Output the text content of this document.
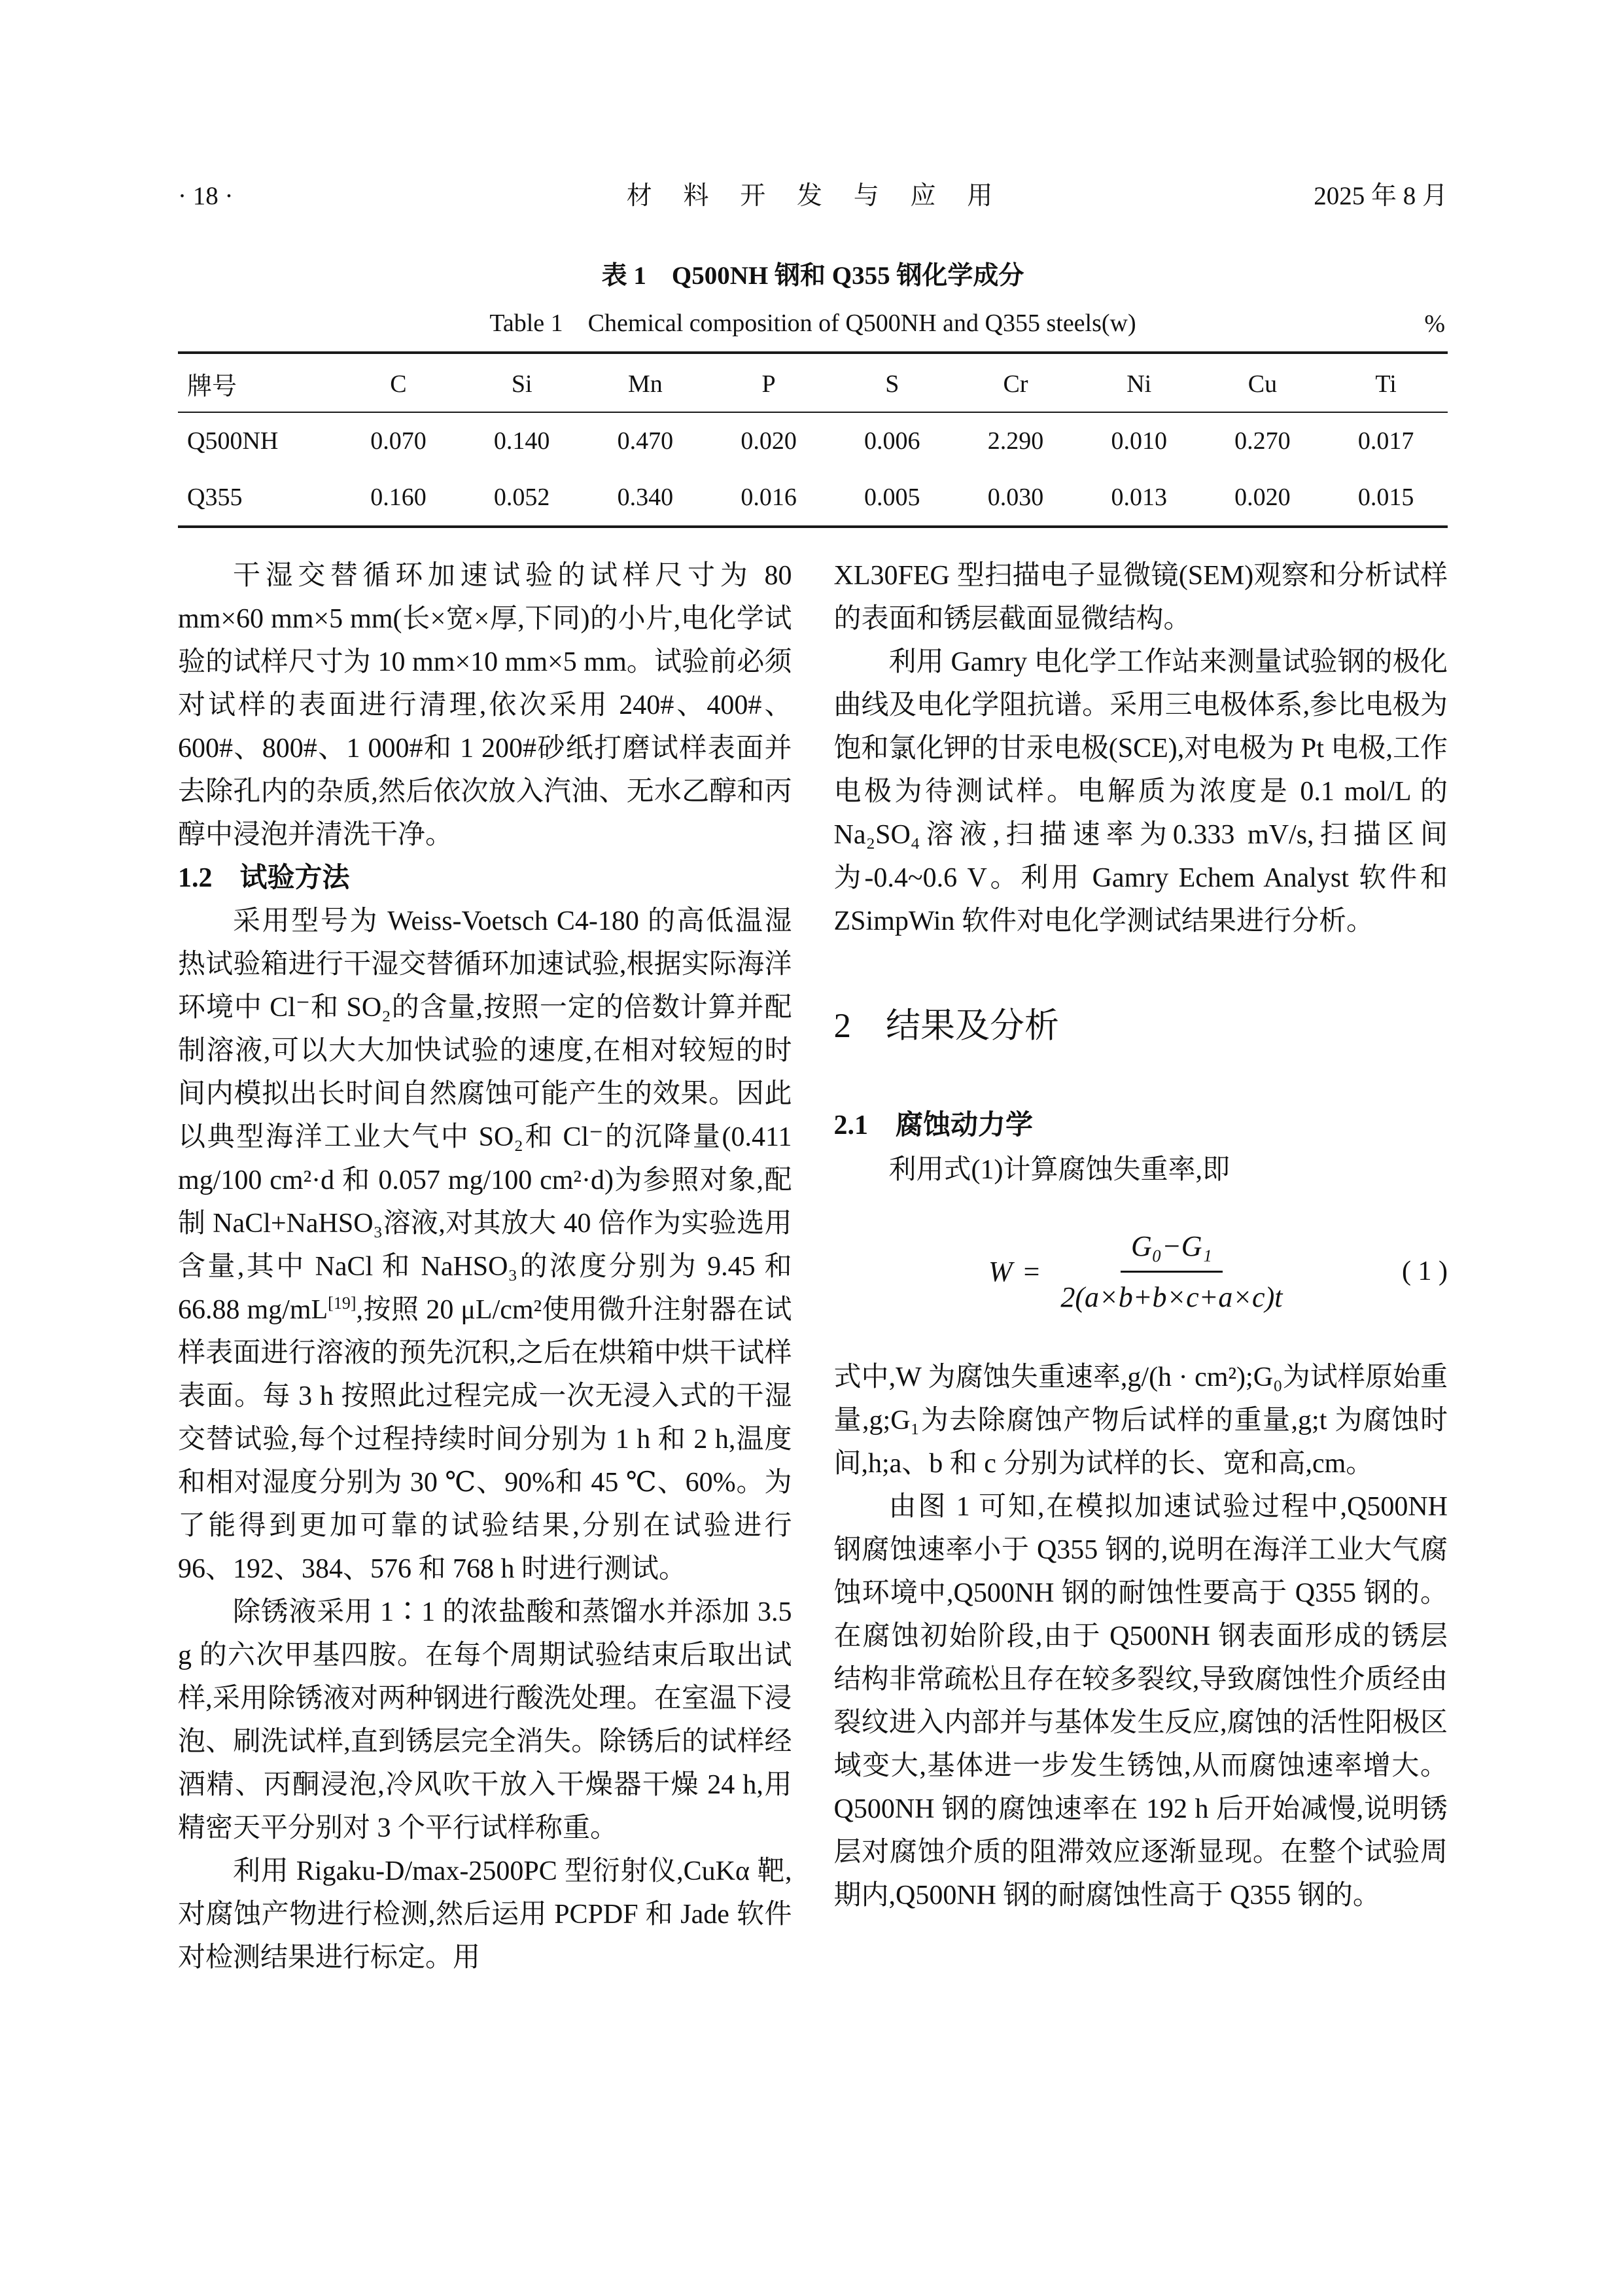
· 18 ·	材 料 开 发 与 应 用	2025 年 8 月
表 1　Q500NH 钢和 Q355 钢化学成分
Table 1　Chemical composition of Q500NH and Q355 steels(w)	%
牌号	C	Si	Mn	P	S	Cr	Ni	Cu	Ti
Q500NH	0.070	0.140	0.470	0.020	0.006	2.290	0.010	0.270	0.017
Q355	0.160	0.052	0.340	0.016	0.005	0.030	0.013	0.020	0.015

干湿交替循环加速试验的试样尺寸为 80 mm×60 mm×5 mm(长×宽×厚,下同)的小片,电化学试验的试样尺寸为 10 mm×10 mm×5 mm。试验前必须对试样的表面进行清理,依次采用 240#、400#、600#、800#、1 000#和 1 200#砂纸打磨试样表面并去除孔内的杂质,然后依次放入汽油、无水乙醇和丙醇中浸泡并清洗干净。

1.2　试验方法

采用型号为 Weiss-Voetsch C4-180 的高低温湿热试验箱进行干湿交替循环加速试验,根据实际海洋环境中 Cl⁻和 SO₂的含量,按照一定的倍数计算并配制溶液,可以大大加快试验的速度,在相对较短的时间内模拟出长时间自然腐蚀可能产生的效果。因此以典型海洋工业大气中 SO₂和 Cl⁻的沉降量(0.411 mg/100 cm²·d 和 0.057 mg/100 cm²·d)为参照对象,配制 NaCl+NaHSO₃溶液,对其放大 40 倍作为实验选用含量,其中 NaCl 和 NaHSO₃的浓度分别为 9.45 和 66.88 mg/mL[19],按照 20 μL/cm²使用微升注射器在试样表面进行溶液的预先沉积,之后在烘箱中烘干试样表面。每 3 h 按照此过程完成一次无浸入式的干湿交替试验,每个过程持续时间分别为 1 h 和 2 h,温度和相对湿度分别为 30 ℃、90%和 45 ℃、60%。为了能得到更加可靠的试验结果,分别在试验进行 96、192、384、576 和 768 h 时进行测试。

除锈液采用 1∶1 的浓盐酸和蒸馏水并添加 3.5 g 的六次甲基四胺。在每个周期试验结束后取出试样,采用除锈液对两种钢进行酸洗处理。在室温下浸泡、刷洗试样,直到锈层完全消失。除锈后的试样经酒精、丙酮浸泡,冷风吹干放入干燥器干燥 24 h,用精密天平分别对 3 个平行试样称重。

利用 Rigaku-D/max-2500PC 型衍射仪,CuKα 靶,对腐蚀产物进行检测,然后运用 PCPDF 和 Jade 软件对检测结果进行标定。用

XL30FEG 型扫描电子显微镜(SEM)观察和分析试样的表面和锈层截面显微结构。

利用 Gamry 电化学工作站来测量试验钢的极化曲线及电化学阻抗谱。采用三电极体系,参比电极为饱和氯化钾的甘汞电极(SCE),对电极为 Pt 电极,工作电极为待测试样。电解质为浓度是 0.1 mol/L 的 Na₂SO₄溶液,扫描速率为0.333 mV/s,扫描区间为-0.4~0.6 V。利用 Gamry Echem Analyst 软件和 ZSimpWin 软件对电化学测试结果进行分析。

2　结果及分析
2.1　腐蚀动力学

利用式(1)计算腐蚀失重率,即

$W = \frac{\text{G₀−G₁}}{2(a\times b+b\times c+a\times c)t}$	( 1 )

式中,W 为腐蚀失重速率,g/(h · cm²);G₀为试样原始重量,g;G₁为去除腐蚀产物后试样的重量,g;t 为腐蚀时间,h;a、b 和 c 分别为试样的长、宽和高,cm。

由图 1 可知,在模拟加速试验过程中,Q500NH 钢腐蚀速率小于 Q355 钢的,说明在海洋工业大气腐蚀环境中,Q500NH 钢的耐蚀性要高于 Q355 钢的。在腐蚀初始阶段,由于 Q500NH 钢表面形成的锈层结构非常疏松且存在较多裂纹,导致腐蚀性介质经由裂纹进入内部并与基体发生反应,腐蚀的活性阳极区域变大,基体进一步发生锈蚀,从而腐蚀速率增大。Q500NH 钢的腐蚀速率在 192 h 后开始减慢,说明锈层对腐蚀介质的阻滞效应逐渐显现。在整个试验周期内,Q500NH 钢的耐腐蚀性高于 Q355 钢的。
